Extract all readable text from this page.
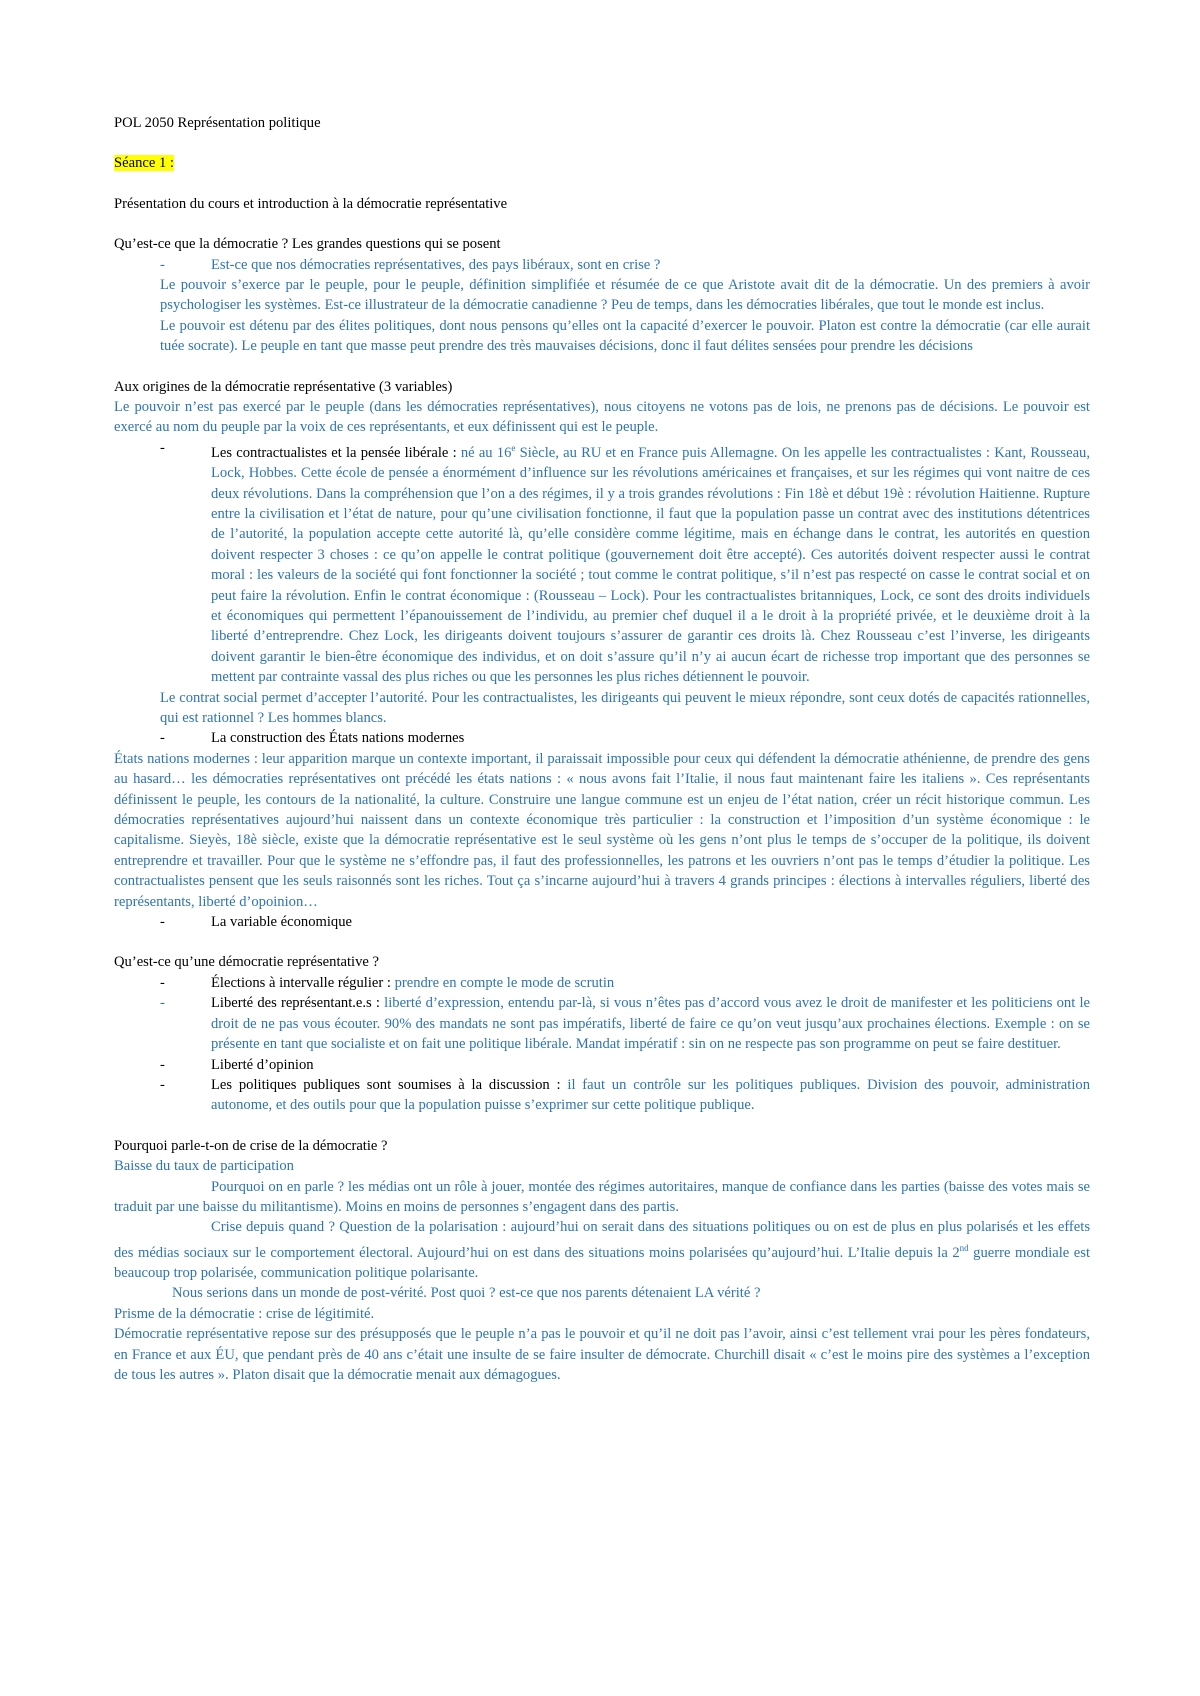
POL 2050 Représentation politique

Séance 1 :

Présentation du cours et introduction à la démocratie représentative

Qu’est-ce que la démocratie ? Les grandes questions qui se posent

-	Est-ce que nos démocraties représentatives, des pays libéraux, sont en crise ?

Le pouvoir s’exerce par le peuple, pour le peuple, définition simplifiée et résumée de ce que Aristote avait dit de la démocratie. Un des premiers à avoir psychologiser les systèmes. Est-ce illustrateur de la démocratie canadienne ? Peu de temps, dans les démocraties libérales, que tout le monde est inclus.

Le pouvoir est détenu par des élites politiques, dont nous pensons qu’elles ont la capacité d’exercer le pouvoir. Platon est contre la démocratie (car elle aurait tuée socrate). Le peuple en tant que masse peut prendre des très mauvaises décisions, donc il faut délites sensées pour prendre les décisions

Aux origines de la démocratie représentative (3 variables)

Le pouvoir n’est pas exercé par le peuple (dans les démocraties représentatives), nous citoyens ne votons pas de lois, ne prenons pas de décisions. Le pouvoir est exercé au nom du peuple par la voix de ces représentants, et eux définissent qui est le peuple.

-	Les contractualistes et la pensée libérale : né au 16e Siècle, au RU et en France puis Allemagne. On les appelle les contractualistes : Kant, Rousseau, Lock, Hobbes. Cette école de pensée a énormément d’influence sur les révolutions américaines et françaises, et sur les régimes qui vont naitre de ces deux révolutions. Dans la compréhension que l’on a des régimes, il y a trois grandes révolutions : Fin 18è et début 19è : révolution Haitienne. Rupture entre la civilisation et l’état de nature, pour qu’une civilisation fonctionne, il faut que la population passe un contrat avec des institutions détentrices de l’autorité, la population accepte cette autorité là, qu’elle considère comme légitime, mais en échange dans le contrat, les autorités en question doivent respecter 3 choses : ce qu’on appelle le contrat politique (gouvernement doit être accepté). Ces autorités doivent respecter aussi le contrat moral : les valeurs de la société qui font fonctionner la société ; tout comme le contrat politique, s’il n’est pas respecté on casse le contrat social et on peut faire la révolution. Enfin le contrat économique : (Rousseau – Lock). Pour les contractualistes britanniques, Lock, ce sont des droits individuels et économiques qui permettent l’épanouissement de l’individu, au premier chef duquel il a le droit à la propriété privée, et le deuxième droit à la liberté d’entreprendre. Chez Lock, les dirigeants doivent toujours s’assurer de garantir ces droits là. Chez Rousseau c’est l’inverse, les dirigeants doivent garantir le bien-être économique des individus, et on doit s’assure qu’il n’y ai aucun écart de richesse trop important que des personnes se mettent par contrainte vassal des plus riches ou que les personnes les plus riches détiennent le pouvoir.

Le contrat social permet d’accepter l’autorité. Pour les contractualistes, les dirigeants qui peuvent le mieux répondre, sont ceux dotés de capacités rationnelles, qui est rationnel ? Les hommes blancs.

-	La construction des États nations modernes

États nations modernes : leur apparition marque un contexte important, il paraissait impossible pour ceux qui défendent la démocratie athénienne, de prendre des gens au hasard… les démocraties représentatives ont précédé les états nations : « nous avons fait l’Italie, il nous faut maintenant faire les italiens ». Ces représentants définissent le peuple, les contours de la nationalité, la culture. Construire une langue commune est un enjeu de l’état nation, créer un récit historique commun. Les démocraties représentatives aujourd’hui naissent dans un contexte économique très particulier : la construction et l’imposition d’un système économique : le capitalisme. Sieyès, 18è siècle, existe que la démocratie représentative est le seul système où les gens n’ont plus le temps de s’occuper de la politique, ils doivent entreprendre et travailler. Pour que le système ne s’effondre pas, il faut des professionnelles, les patrons et les ouvriers n’ont pas le temps d’étudier la politique. Les contractualistes pensent que les seuls raisonnés sont les riches. Tout ça s’incarne aujourd’hui à travers 4 grands principes : élections à intervalles réguliers, liberté des représentants, liberté d’opoinion…

-	La variable économique

Qu’est-ce qu’une démocratie représentative ?

-	Élections à intervalle régulier : prendre en compte le mode de scrutin

-	Liberté des représentant.e.s : liberté d’expression, entendu par-là, si vous n’êtes pas d’accord vous avez le droit de manifester et les politiciens ont le droit de ne pas vous écouter. 90% des mandats ne sont pas impératifs, liberté de faire ce qu’on veut jusqu’aux prochaines élections. Exemple : on se présente en tant que socialiste et on fait une politique libérale. Mandat impératif : sin on ne respecte pas son programme on peut se faire destituer.

-	Liberté d’opinion

-	Les politiques publiques sont soumises à la discussion : il faut un contrôle sur les politiques publiques. Division des pouvoir, administration autonome, et des outils pour que la population puisse s’exprimer sur cette politique publique.

Pourquoi parle-t-on de crise de la démocratie ?

Baisse du taux de participation

Pourquoi on en parle ? les médias ont un rôle à jouer, montée des régimes autoritaires, manque de confiance dans les parties (baisse des votes mais se traduit par une baisse du militantisme). Moins en moins de personnes s’engagent dans des partis.

Crise depuis quand ? Question de la polarisation : aujourd’hui on serait dans des situations politiques ou on est de plus en plus polarisés et les effets des médias sociaux sur le comportement électoral. Aujourd’hui on est dans des situations moins polarisées qu’aujourd’hui. L’Italie depuis la 2nd guerre mondiale est beaucoup trop polarisée, communication politique polarisante.

Nous serions dans un monde de post-vérité. Post quoi ? est-ce que nos parents détenaient LA vérité ?

Prisme de la démocratie : crise de légitimité.

Démocratie représentative repose sur des présupposés que le peuple n’a pas le pouvoir et qu’il ne doit pas l’avoir, ainsi c’est tellement vrai pour les pères fondateurs, en France et aux ÉU, que pendant près de 40 ans c’était une insulte de se faire insulter de démocrate. Churchill disait « c’est le moins pire des systèmes a l’exception de tous les autres ». Platon disait que la démocratie menait aux démagogues.
